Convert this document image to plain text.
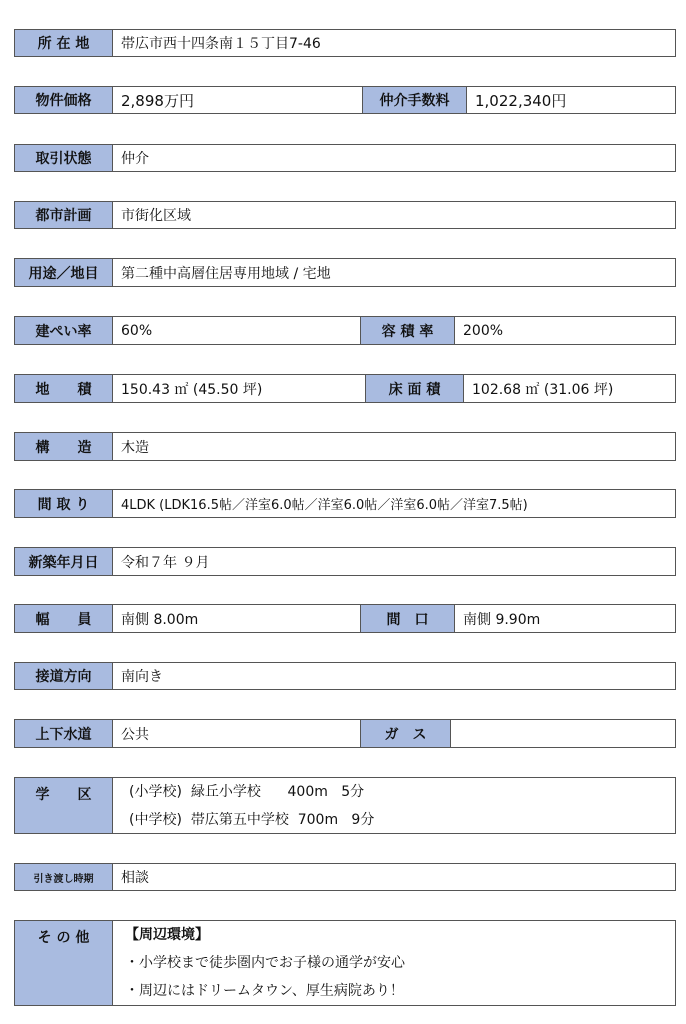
所 在 地	帯広市西十四条南１５丁目7-46
物件価格	2,898万円	仲介手数料	1,022,340円
取引状態	仲介
都市計画	市街化区域
用途／地目	第二種中高層住居専用地域 / 宅地
建ぺい率	60%	容 積 率	200%
地　　積	150.43 ㎡ (45.50 坪)	床 面 積	102.68 ㎡ (31.06 坪)
構　　造	木造
間 取 り	4LDK (LDK16.5帖／洋室6.0帖／洋室6.0帖／洋室6.0帖／洋室7.5帖)
新築年月日	令和７年 ９月
幅　　員	南側 8.00m	間　口	南側 9.90m
接道方向	南向き
上下水道	公共	ガ　ス
学　　区	(小学校)  緑丘小学校      400m   5分
(中学校)  帯広第五中学校  700m   9分
引き渡し時期	相談
そ の 他	【周辺環境】
・小学校まで徒歩圏内でお子様の通学が安心
・周辺にはドリームタウン、厚生病院あり！
